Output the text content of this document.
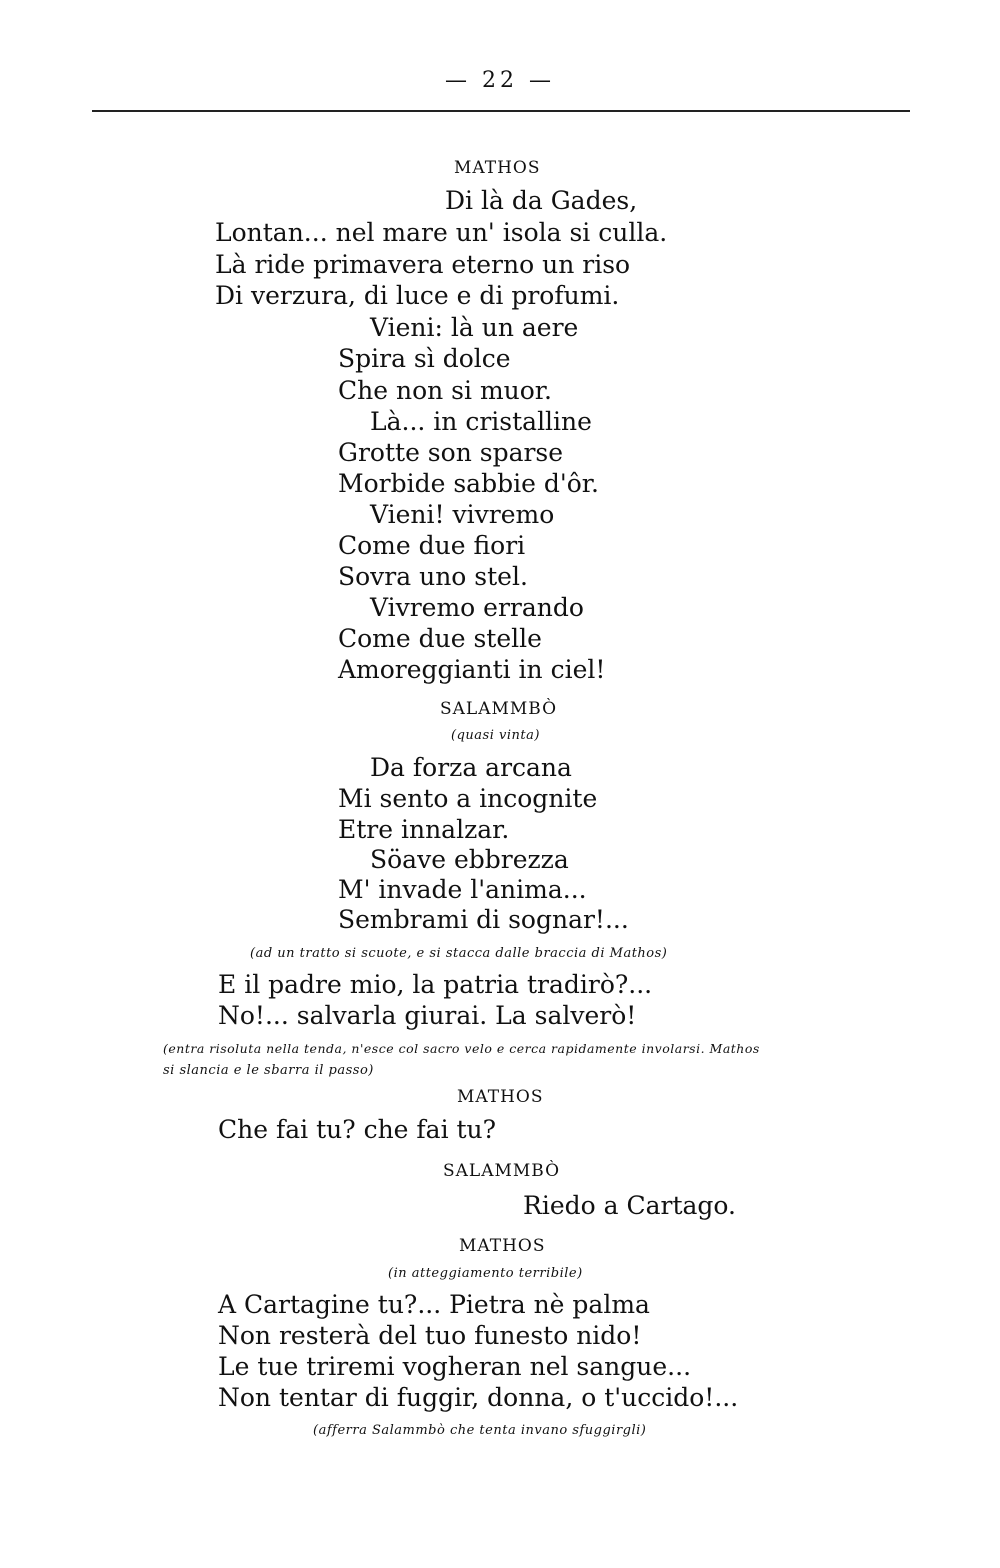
— 22 —
MATHOS
Di là da Gades,
Lontan... nel mare un' isola si culla.
Là ride primavera eterno un riso
Di verzura, di luce e di profumi.
Vieni: là un aere
Spira sì dolce
Che non si muor.
Là... in cristalline
Grotte son sparse
Morbide sabbie d'ôr.
Vieni! vivremo
Come due fiori
Sovra uno stel.
Vivremo errando
Come due stelle
Amoreggianti in ciel!
SALAMMBÒ
(quasi vinta)
Da forza arcana
Mi sento a incognite
Etre innalzar.
Söave ebbrezza
M' invade l'anima...
Sembrami di sognar!...
(ad un tratto si scuote, e si stacca dalle braccia di Mathos)
E il padre mio, la patria tradirò?...
No!... salvarla giurai. La salverò!
(entra risoluta nella tenda, n'esce col sacro velo e cerca rapidamente involarsi. Mathos
si slancia e le sbarra il passo)
MATHOS
Che fai tu? che fai tu?
SALAMMBÒ
Riedo a Cartago.
MATHOS
(in atteggiamento terribile)
A Cartagine tu?... Pietra nè palma
Non resterà del tuo funesto nido!
Le tue triremi vogheran nel sangue...
Non tentar di fuggir, donna, o t'uccido!...
(afferra Salammbò che tenta invano sfuggirgli)
